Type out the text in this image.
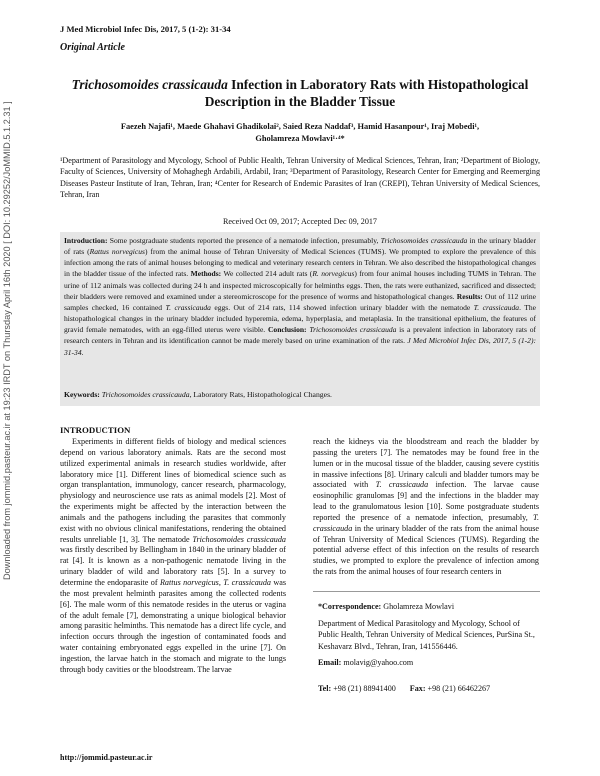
Downloaded from jommid.pasteur.ac.ir at 19:23 IRDT on Thursday April 16th 2020 [ DOI: 10.29252/JoMMID.5.1.2.31 ]
J Med Microbiol Infec Dis, 2017, 5 (1-2): 31-34
Original Article
Trichosomoides crassicauda Infection in Laboratory Rats with Histopathological Description in the Bladder Tissue
Faezeh Najafi¹, Maede Ghahavi Ghadikolai², Saied Reza Naddaf³, Hamid Hasanpour¹, Iraj Mobedi¹,
Gholamreza Mowlavi¹·⁴*
¹Department of Parasitology and Mycology, School of Public Health, Tehran University of Medical Sciences, Tehran, Iran; ²Department of Biology, Faculty of Sciences, University of Mohaghegh Ardabili, Ardabil, Iran; ³Department of Parasitology, Research Center for Emerging and Reemerging Diseases Pasteur Institute of Iran, Tehran, Iran; ⁴Center for Research of Endemic Parasites of Iran (CREPI), Tehran University of Medical Sciences, Tehran, Iran
Received Oct 09, 2017; Accepted Dec 09, 2017
Introduction: Some postgraduate students reported the presence of a nematode infection, presumably, Trichosomoides crassicauda in the urinary bladder of rats (Rattus norvegicus) from the animal house of Tehran University of Medical Sciences (TUMS). We prompted to explore the prevalence of this infection among the rats of animal houses belonging to medical and veterinary research centers in Tehran. We also described the histopathological changes in the bladder tissue of the infected rats. Methods: We collected 214 adult rats (R. norvegicus) from four animal houses including TUMS in Tehran. The urine of 112 animals was collected during 24 h and inspected microscopically for helminths eggs. Then, the rats were euthanized, sacrificed and dissected; their bladders were removed and examined under a stereomicroscope for the presence of worms and histopathological changes. Results: Out of 112 urine samples checked, 16 contained T. crassicauda eggs. Out of 214 rats, 114 showed infection urinary bladder with the nematode T. crassicauda. The histopathological changes in the urinary bladder included hyperemia, edema, hyperplasia, and metaplasia. In the transitional epithelium, the features of gravid female nematodes, with an egg-filled uterus were visible. Conclusion: Trichosomoides crassicauda is a prevalent infection in laboratory rats of research centers in Tehran and its identification cannot be made merely based on urine examination of the rats. J Med Microbiol Infec Dis, 2017, 5 (1-2): 31-34.
Keywords: Trichosomoides crassicauda, Laboratory Rats, Histopathological Changes.
INTRODUCTION
Experiments in different fields of biology and medical sciences depend on various laboratory animals. Rats are the second most utilized experimental animals in research studies worldwide, after laboratory mice [1]. Different lines of biomedical science such as organ transplantation, immunology, cancer research, pharmacology, physiology and neuroscience use rats as animal models [2]. Most of the experiments might be affected by the interaction between the animals and the pathogens including the parasites that commonly exist with no obvious clinical manifestations, rendering the obtained results unreliable [1, 3]. The nematode Trichosomoides crassicauda was firstly described by Bellingham in 1840 in the urinary bladder of rat [4]. It is known as a non-pathogenic nematode living in the urinary bladder of wild and laboratory rats [5]. In a survey to determine the endoparasite of Rattus norvegicus, T. crassicauda was the most prevalent helminth parasites among the collected rodents [6]. The male worm of this nematode resides in the uterus or vagina of the adult female [7], demonstrating a unique biological behavior among parasitic helminths. This nematode has a direct life cycle, and infection occurs through the ingestion of contaminated foods and water containing embryonated eggs expelled in the urine [7]. On ingestion, the larvae hatch in the stomach and migrate to the lungs through body cavities or the bloodstream. The larvae
reach the kidneys via the bloodstream and reach the bladder by passing the ureters [7]. The nematodes may be found free in the lumen or in the mucosal tissue of the bladder, causing severe cystitis in massive infections [8]. Urinary calculi and bladder tumors may be associated with T. crassicauda infection. The larvae cause eosinophilic granulomas [9] and the infections in the bladder may lead to the granulomatous lesion [10]. Some postgraduate students reported the presence of a nematode infection, presumably, T. crassicauda in the urinary bladder of the rats from the animal house of Tehran University of Medical Sciences (TUMS). Regarding the potential adverse effect of this infection on the results of research studies, we prompted to explore the prevalence of infection among the rats from the animal houses of four research centers in
*Correspondence: Gholamreza Mowlavi
Department of Medical Parasitology and Mycology, School of Public Health, Tehran University of Medical Sciences, PurSina St., Keshavarz Blvd., Tehran, Iran, 141556446.
Email: molavig@yahoo.com
Tel: +98 (21) 88941400 Fax: +98 (21) 66462267
http://jommid.pasteur.ac.ir
